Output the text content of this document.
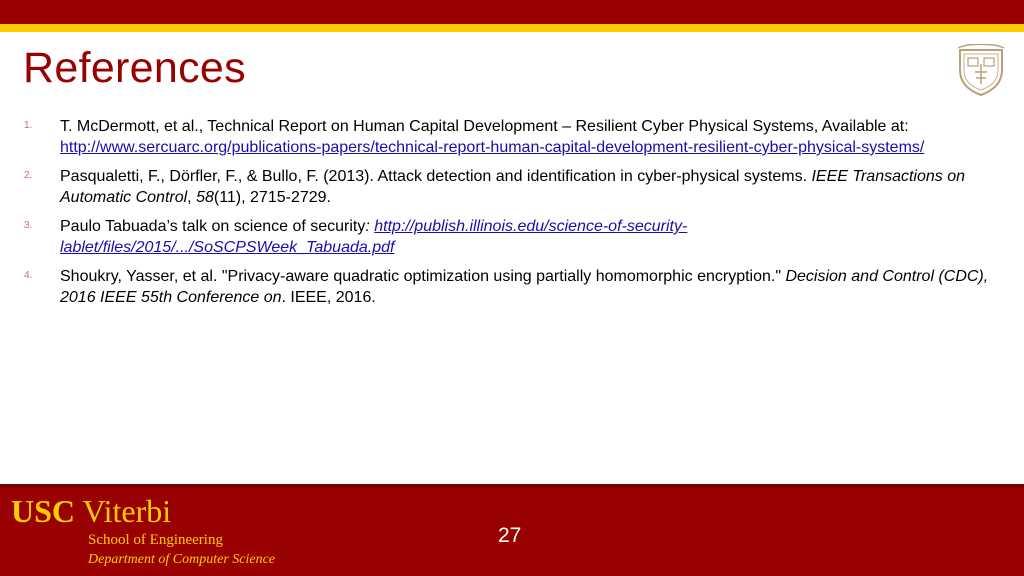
References
1.	T. McDermott, et al., Technical Report on Human Capital Development – Resilient Cyber Physical Systems, Available at: http://www.sercuarc.org/publications-papers/technical-report-human-capital-development-resilient-cyber-physical-systems/
2.	Pasqualetti, F., Dörfler, F., & Bullo, F. (2013). Attack detection and identification in cyber-physical systems. IEEE Transactions on Automatic Control, 58(11), 2715-2729.
3.	Paulo Tabuada’s talk on science of security: http://publish.illinois.edu/science-of-security-lablet/files/2015/.../SoSCPSWeek_Tabuada.pdf
4.	Shoukry, Yasser, et al. "Privacy-aware quadratic optimization using partially homomorphic encryption." Decision and Control (CDC), 2016 IEEE 55th Conference on. IEEE, 2016.
USC Viterbi
School of Engineering
Department of Computer Science
27
